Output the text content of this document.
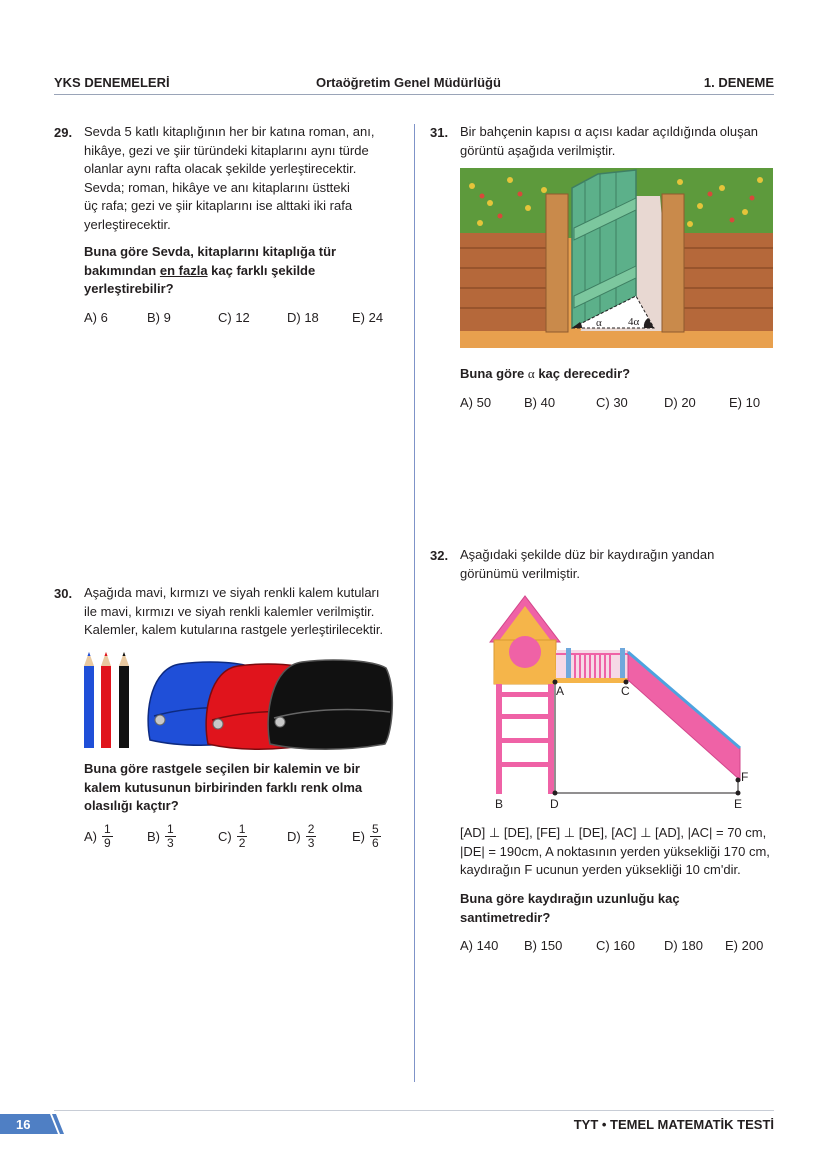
YKS DENEMELERİ	Ortaöğretim Genel Müdürlüğü	1. DENEME
29. Sevda 5 katlı kitaplığının her bir katına roman, anı,
hikâye, gezi ve şiir türündeki kitaplarını aynı türde
olanlar aynı rafta olacak şekilde yerleştirecektir.
Sevda; roman, hikâye ve anı kitaplarını üstteki
üç rafa; gezi ve şiir kitaplarını ise alttaki iki rafa
yerleştirecektir.
Buna göre Sevda, kitaplarını kitaplığa tür
bakımından en fazla kaç farklı şekilde
yerleştirebilir?
A) 6	B) 9	C) 12	D) 18	E) 24
30. Aşağıda mavi, kırmızı ve siyah renkli kalem kutuları
ile mavi, kırmızı ve siyah renkli kalemler verilmiştir.
Kalemler, kalem kutularına rastgele yerleştirilecektir.
Buna göre rastgele seçilen bir kalemin ve bir
kalem kutusunun birbirinden farklı renk olma
olasılığı kaçtır?
$A) \frac{1}{9}$	$B) \frac{1}{3}$	$C) \frac{1}{2}$	$D) \frac{2}{3}$	$E) \frac{5}{6}$
31. Bir bahçenin kapısı α açısı kadar açıldığında oluşan
görüntü aşağıda verilmiştir.
α 4α
Buna göre α kaç derecedir?
A) 50	B) 40	C) 30	D) 20	E) 10
32. Aşağıdaki şekilde düz bir kaydırağın yandan
görünümü verilmiştir.
A	C
B	D	E
F
[AD] ⊥ [DE], [FE] ⊥ [DE], [AC] ⊥ [AD], |AC| = 70 cm,
|DE| = 190cm, A noktasının yerden yüksekliği 170 cm,
kaydırağın F ucunun yerden yüksekliği 10 cm'dir.
Buna göre kaydırağın uzunluğu kaç
santimetredir?
A) 140 B) 150	C) 160 D) 180 E) 200
16	TYT • TEMEL MATEMATİK TESTİ
